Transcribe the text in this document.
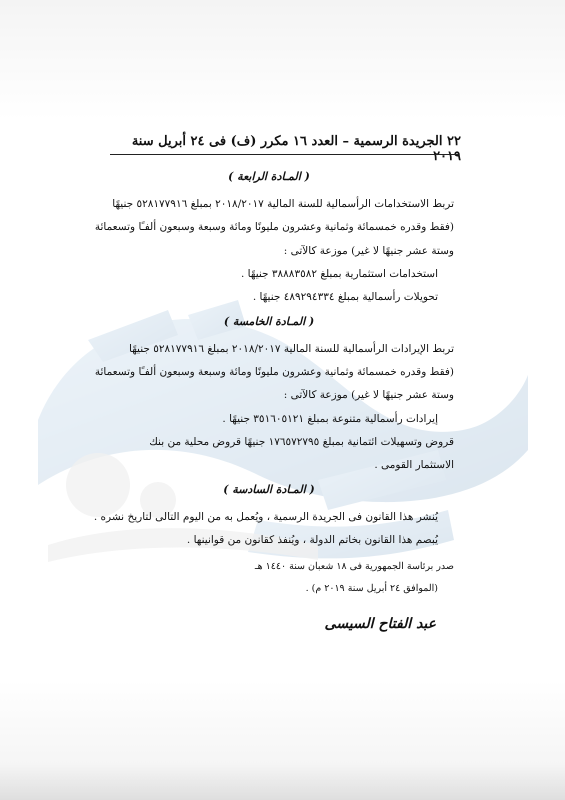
٢٢ الجريدة الرسمية – العدد ١٦ مكرر (ف) فى ٢٤ أبريل سنة ٢٠١٩
( المـادة الرابعة )
تربط الاستخدامات الرأسمالية للسنة المالية ٢٠١٨/٢٠١٧ بمبلغ ٥٢٨١٧٧٩١٦ جنيهًا
(فقط وقدره خمسمائة وثمانية وعشرون مليونًا ومائة وسبعة وسبعون ألفـًا وتسعمائة
وستة عشر جنيهًا لا غير) موزعة كالآتى :
استخدامات استثمارية بمبلغ ٣٨٨٨٣٥٨٢ جنيهًا .
تحويلات رأسمالية بمبلغ ٤٨٩٢٩٤٣٣٤ جنيهًا .
( المـادة الخامسة )
تربط الإيرادات الرأسمالية للسنة المالية ٢٠١٨/٢٠١٧ بمبلغ ٥٢٨١٧٧٩١٦ جنيهًا
(فقط وقدره خمسمائة وثمانية وعشرون مليونًا ومائة وسبعة وسبعون ألفـًا وتسعمائة
وستة عشر جنيهًا لا غير) موزعة كالآتى :
إيرادات رأسمالية متنوعة بمبلغ ٣٥١٦٠٥١٢١ جنيهًا .
قروض وتسهيلات ائتمانية بمبلغ ١٧٦٥٧٢٧٩٥ جنيهًا قروض محلية من بنك
الاستثمار القومى .
( المـادة السادسة )
يُنشر هذا القانون فى الجريدة الرسمية ، ويُعمل به من اليوم التالى لتاريخ نشره .
يُبصم هذا القانون بخاتم الدولة ، ويُنفذ كقانون من قوانينها .
صدر برئاسة الجمهورية فى ١٨ شعبان سنة ١٤٤٠ هـ
(الموافق ٢٤ أبريل سنة ٢٠١٩ م) .
عبد الفتاح السيسى
